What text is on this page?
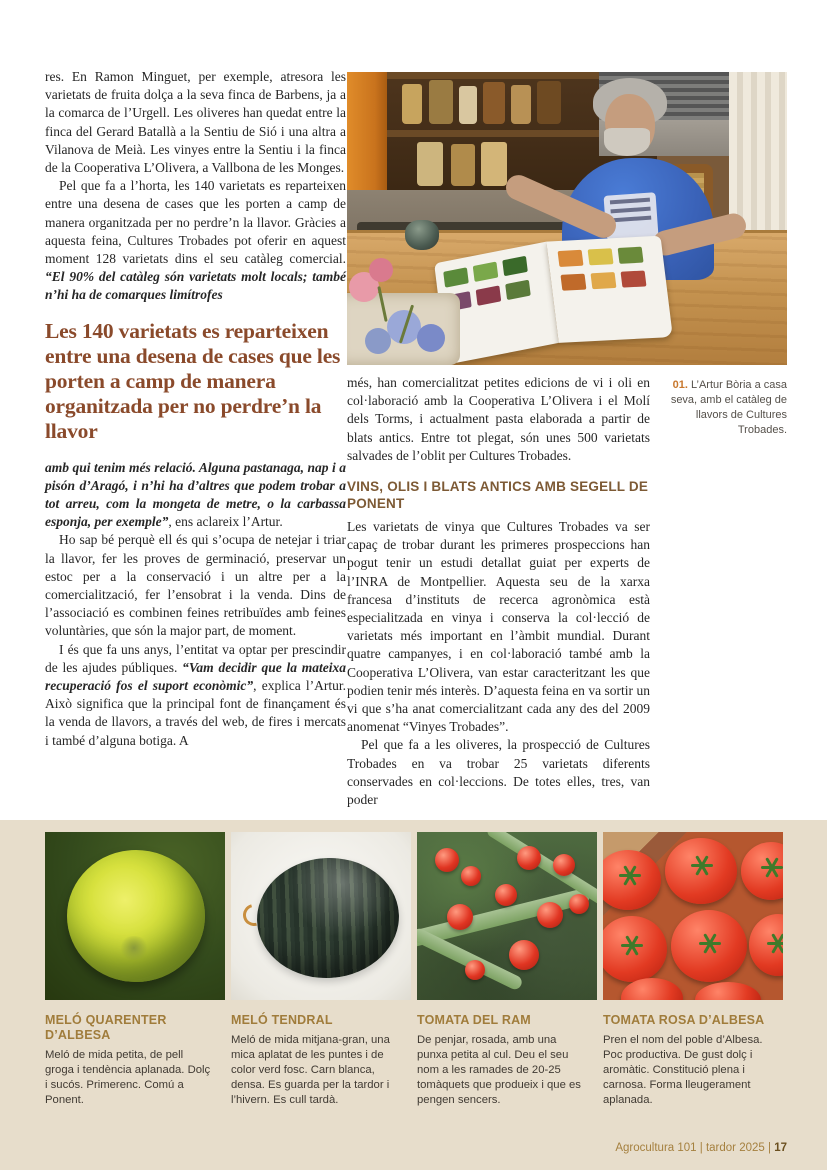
res. En Ramon Minguet, per exemple, atresora les varietats de fruita dolça a la seva finca de Barbens, ja a la comarca de l’Urgell. Les oliveres han quedat entre la finca del Gerard Batallà a la Sentiu de Sió i una altra a Vilanova de Meià. Les vinyes entre la Sentiu i la finca de la Cooperativa L’Olivera, a Vallbona de les Monges.

Pel que fa a l’horta, les 140 varietats es reparteixen entre una desena de cases que les porten a camp de manera organitzada per no perdre’n la llavor. Gràcies a aquesta feina, Cultures Trobades pot oferir en aquest moment 128 varietats dins el seu catàleg comercial. “El 90% del catàleg són varietats molt locals; també n’hi ha de comarques limítrofes

Les 140 varietats es reparteixen entre una desena de cases que les porten a camp de manera organitzada per no perdre’n la llavor

amb qui tenim més relació. Alguna pastanaga, nap i a pisón d’Aragó, i n’hi ha d’altres que podem trobar a tot arreu, com la mongeta de metre, o la carbassa esponja, per exemple”, ens aclareix l’Artur.

Ho sap bé perquè ell és qui s’ocupa de netejar i triar la llavor, fer les proves de germinació, preservar un estoc per a la conservació i un altre per a la comercialització, fer l’ensobrat i la venda. Dins de l’associació es combinen feines retribuïdes amb feines voluntàries, que són la major part, de moment.

I és que fa uns anys, l’entitat va optar per prescindir de les ajudes públiques. “Vam decidir que la mateixa recuperació fos el suport econòmic”, explica l’Artur. Això significa que la principal font de finançament és la venda de llavors, a través del web, de fires i mercats i també d’alguna botiga. A

01. L’Artur Bòria a casa seva, amb el catàleg de llavors de Cultures Trobades.

més, han comercialitzat petites edicions de vi i oli en col·laboració amb la Cooperativa L’Olivera i el Molí dels Torms, i actualment pasta elaborada a partir de blats antics. Entre tot plegat, són unes 500 varietats salvades de l’oblit per Cultures Trobades.

VINS, OLIS I BLATS ANTICS AMB SEGELL DE PONENT

Les varietats de vinya que Cultures Trobades va ser capaç de trobar durant les primeres prospeccions han pogut tenir un estudi detallat guiat per experts de l’INRA de Montpellier. Aquesta seu de la xarxa francesa d’instituts de recerca agronòmica està especialitzada en vinya i conserva la col·lecció de varietats més important en l’àmbit mundial. Durant quatre campanyes, i en col·laboració també amb la Cooperativa L’Olivera, van estar caracteritzant les que podien tenir més interès. D’aquesta feina en va sortir un vi que s’ha anat comercialitzant cada any des del 2009 anomenat “Vinyes Trobades”.

Pel que fa a les oliveres, la prospecció de Cultures Trobades en va trobar 25 varietats diferents conservades en col·leccions. De totes elles, tres, van poder

MELÓ QUARENTER D’ALBESA
Meló de mida petita, de pell groga i tendència aplanada. Dolç i sucós. Primerenc. Comú a Ponent.
MELÓ TENDRAL
Meló de mida mitjana-gran, una mica aplatat de les puntes i de color verd fosc. Carn blanca, densa. Es guarda per la tardor i l’hivern. Es cull tardà.
TOMATA DEL RAM
De penjar, rosada, amb una punxa petita al cul. Deu el seu nom a les ramades de 20-25 tomàquets que produeix i que es pengen sencers.
TOMATA ROSA D’ALBESA
Pren el nom del poble d’Albesa. Poc productiva. De gust dolç i aromàtic. Constitució plena i carnosa. Forma lleugerament aplanada.
Agrocultura 101 | tardor 2025 | 17
